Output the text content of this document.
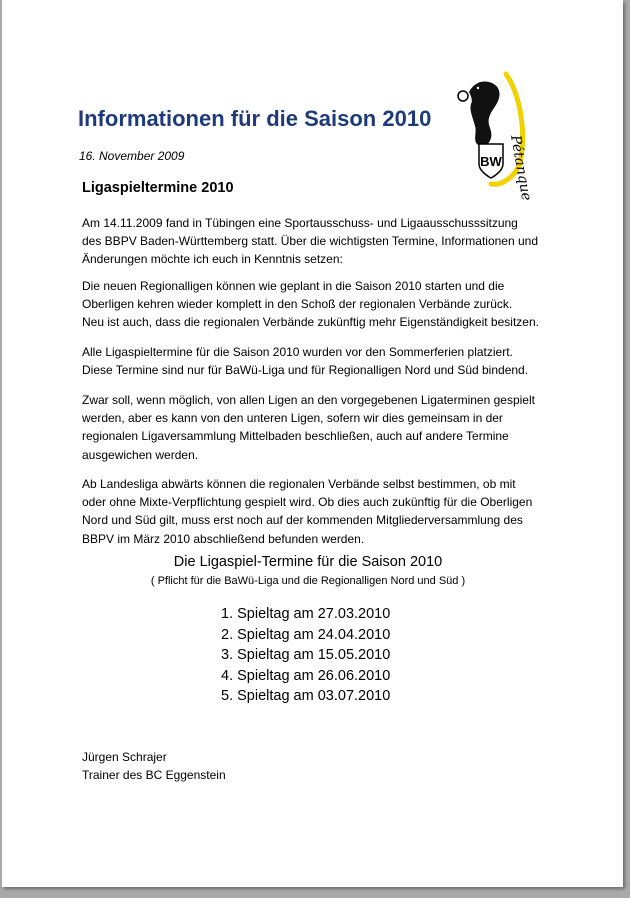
Informationen für die Saison 2010
16. November 2009	Pétanque
BW
Ligaspieltermine 2010
Am 14.11.2009 fand in Tübingen eine Sportausschuss- und Ligaausschusssitzung
des BBPV Baden-Württemberg statt. Über die wichtigsten Termine, Informationen und
Änderungen möchte ich euch in Kenntnis setzen:
Die neuen Regionalligen können wie geplant in die Saison 2010 starten und die
Oberligen kehren wieder komplett in den Schoß der regionalen Verbände zurück.
Neu ist auch, dass die regionalen Verbände zukünftig mehr Eigenständigkeit besitzen.
Alle Ligaspieltermine für die Saison 2010 wurden vor den Sommerferien platziert.
Diese Termine sind nur für BaWü-Liga und für Regionalligen Nord und Süd bindend.
Zwar soll, wenn möglich, von allen Ligen an den vorgegebenen Ligaterminen gespielt
werden, aber es kann von den unteren Ligen, sofern wir dies gemeinsam in der
regionalen Ligaversammlung Mittelbaden beschließen, auch auf andere Termine
ausgewichen werden.
Ab Landesliga abwärts können die regionalen Verbände selbst bestimmen, ob mit
oder ohne Mixte-Verpflichtung gespielt wird. Ob dies auch zukünftig für die Oberligen
Nord und Süd gilt, muss erst noch auf der kommenden Mitgliederversammlung des
BBPV im März 2010 abschließend befunden werden.
Die Ligaspiel-Termine für die Saison 2010
( Pflicht für die BaWü-Liga und die Regionalligen Nord und Süd )
1. Spieltag am 27.03.2010
2. Spieltag am 24.04.2010
3. Spieltag am 15.05.2010
4. Spieltag am 26.06.2010
5. Spieltag am 03.07.2010
Jürgen Schrajer
Trainer des BC Eggenstein
